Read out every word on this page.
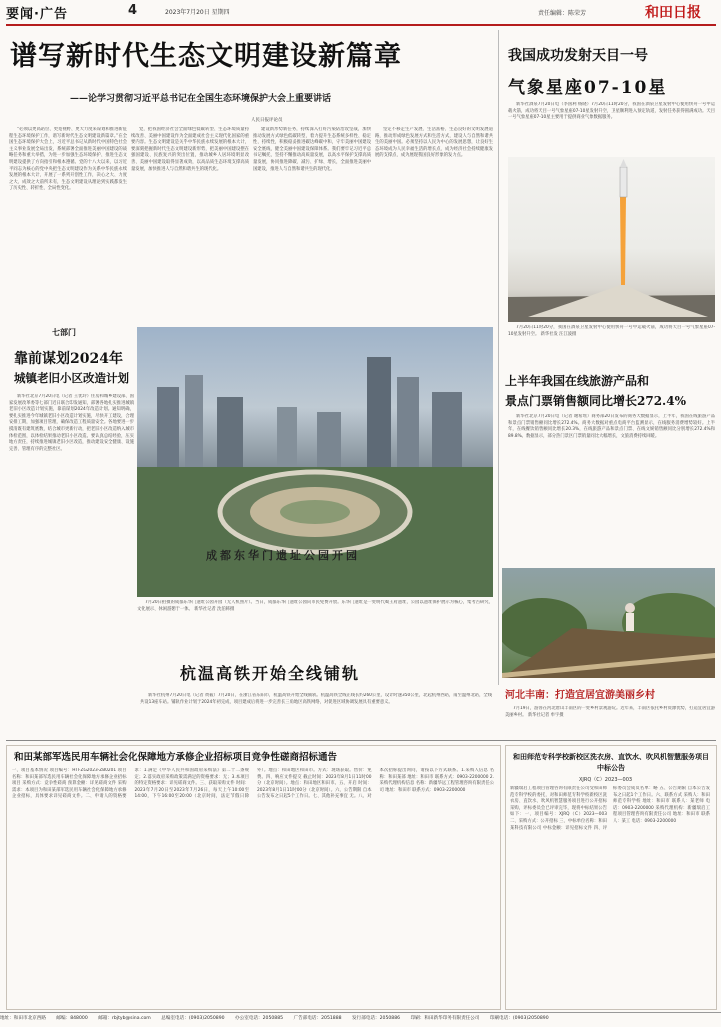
要闻·广告	4	2023年7月20日 星期四	责任编辑：陈荣芳	和田日报
谱写新时代生态文明建设新篇章
——论学习贯彻习近平总书记在全国生态环境保护大会上重要讲话
人民日报评论员

“必须以更高站位、更宽视野、更大力度来谋划和推进新征程生态环境保护工作，谱写新时代生态文明建设新篇章。”在全国生态环境保护大会上，习近平总书记从新时代中国特色社会主义事业发展全局出发，系统部署全面推进美丽中国建设的战略任务和重大举措，为进一步加强生态环境保护、推进生态文明建设提供了方向指引和根本遵循。党的十八大以来，以习近平同志为核心的党中央把生态文明建设作为关系中华民族永续发展的根本大计，开展了一系列开创性工作，决心之大、力度之大、成效之大前所未有，生态文明建设从理论到实践都发生了历史性、转折性、全局性变化。

党，把我国经济社会全面绿色低碳转型、生态环境质量持续改善、美丽中国建设作为全面建成社会主义现代化国家的重要内容。生态文明建设是关乎中华民族永续发展的根本大计，要深刻把握新时代生态文明建设新形势，把美丽中国建设摆在强国建设、民族复兴的突出位置，推动城乡人居环境明显改善、美丽中国建设取得显著成效，以高品质生态环境支撑高质量发展，加快推进人与自然和谐共生的现代化。

建设新形势新任务，持续深入打好污染防治攻坚战，加快推动发展方式绿色低碳转型，着力提升生态系统多样性、稳定性、持续性，积极稳妥推进碳达峰碳中和，守牢美丽中国建设安全底线，健全美丽中国建设保障体系。我们要牢记习近平总书记嘱托，坚持不懈推动高质量发展，以高水平保护支撑高质量发展，协同推进降碳、减污、扩绿、增长，全面推进美丽中国建设，推进人与自然和谐共生的现代化。

坚定不移走生产发展、生活富裕、生态良好的文明发展道路，推动形成绿色发展方式和生活方式，建设人与自然和谐共生的美丽中国。必须坚持以人民为中心的发展思想，让良好生态环境成为人民幸福生活的增长点、成为经济社会持续健康发展的支撑点、成为展现我国良好形象的发力点。

我国成功发射天目一号
气象星座07-10星

新华社酒泉7月20日电（李国利 杨晓）7月20日11时20分，我国在酒泉卫星发射中心使用快舟一号甲运载火箭，成功将天目一号气象星座07-10星发射升空，卫星顺利进入预定轨道，发射任务获得圆满成功。天目一号气象星座07-10星主要用于提供商业气象数据服务。

7月20日11时20分，我国在酒泉卫星发射中心使用快舟一号甲运载火箭，成功将天目一号气象星座07-10星发射升空。 新华社发 汪江波摄

上半年我国在线旅游产品和
景点门票销售额同比增长272.4%

新华社北京7月20日电（记者 谢希瑶）商务部20日发布的商务大数据显示，上半年，我国在线旅游产品和景点门票销售额同比增长272.4%。商务大数据对重点电商平台监测显示，在线服务消费增势较好。上半年，在线餐饮销售额同比增长20.3%，在线旅游产品和景点门票、在线文娱销售额同比分别增长272.4%和89.8%。数据显示，部分热门景区门票销量同比大幅增长，文旅消费持续回暖。

七部门
靠前谋划2024年
城镇老旧小区改造计划

新华社北京7月20日电（记者 王优玲）住房和城乡建设部、国家发展改革委等七部门近日联合印发通知，部署各地扎实推进城镇老旧小区改造计划实施，靠前谋划2024年改造计划。通知明确，要扎实推进今年城镇老旧小区改造计划实施，尽快开工建设，合理安排工期，加强项目管理，确保改造工程质量安全。各地要进一步摸清既有建筑底数，结合城市更新行动，把老旧小区改造纳入城市体检范围，以体检结果推动老旧小区改造。要认真总结经验，压实地方责任，持续推进城镇老旧小区改造，推动建设安全健康、设施完善、管理有序的完整社区。

成都东华门遗址公园开园

7月20日拍摄的成都东华门遗址公园开园（无人机照片）。当日，成都东华门遗址公园向市民免费开放。东华门遗址是一处明代蜀王府遗址，公园以遗址保护展示为核心，集考古研究、文化展示、休闲游憩于一体。 新华社记者 沈伯韩摄

杭温高铁开始全线铺轨

新华社杭州7月20日电（记者 黄筱）7月20日，在浙江省东阳市，杭温高铁开始全线铺轨。杭温高铁全线正线长约260公里，设计时速350公里，北起杭州西站，南至温州北站，全线共设13座车站。铺轨作业计划于2024年初完成，项目建成后将进一步完善长三角地区高铁网络，对促进区域协调发展具有重要意义。

河北丰南：打造宜居宜游美丽乡村

7月19日，游客在河北唐山丰南区的一处乡村景观游玩。近年来，丰南区依托乡村资源优势，打造宜居宜游美丽乡村。 新华社记者 牟宇摄

和田某部军选民用车辆社会化保障地方承修企业招标项目竞争性磋商招标通告
一、项目基本情况 项目编号：HTFZG2023-ZB0201 项目名称：和田某部军选民用车辆社会化保障地方承修企业招标项目 采购方式：竞争性磋商 预算金额：详见磋商文件 采购需求：本项目为和田某部军选民用车辆社会化保障地方承修企业招标，具体要求详见磋商文件。二、申请人的资格要求：1.满足《中华人民共和国政府采购法》第二十二条规定；2.落实政府采购政策需满足的资格要求：无；3.本项目的特定资格要求：详见磋商文件。三、获取采购文件 时间：2023年7月20日至2023年7月26日，每天上午10:00至14:00，下午16:00至20:00（北京时间，法定节假日除外）。地点：和田地区和田市。方式：现场获取。售价：免费。四、响应文件提交 截止时间：2023年8月1日11时00分（北京时间）。地点：和田地区和田市。五、开启 时间：2023年8月1日11时00分（北京时间）。六、公告期限 自本公告发布之日起5个工作日。七、其他补充事宜 无。八、对本次招标提出询问，请按以下方式联系。1.采购人信息 名称：和田某部 地址：和田市 联系方式：0903-2200000 2.采购代理机构信息 名称：新疆华远工程管理咨询有限责任公司 地址：和田市 联系方式：0903-2200000
和田师范专科学校新校区洗衣房、直饮水、吹风机智慧服务项目中标公告
XJRQ（C）2023—003
新疆瑞启工程项目管理咨询有限责任公司受和田师范专科学校的委托，对和田师范专科学校新校区洗衣房、直饮水、吹风机智慧服务项目进行公开招标采购，评标委员会已评审完毕，现将中标结果公告如下：一、项目编号：XJRQ（C）2023—003 二、采购方式：公开招标 三、中标单位名称：和田某科技有限公司 中标金额：详见招标文件 四、评标委员会成员名单：略 五、公告期限 自本公告发布之日起1个工作日。六、联系方式 采购人：和田师范专科学校 地址：和田市 联系人：某老师 电话：0903-2200000 采购代理机构：新疆瑞启工程项目管理咨询有限责任公司 地址：和田市 联系人：某工 电话：0903-2200000
地址：和田市北京西路 邮编：848000 邮箱：rbjtyb@sina.com 总编室电话：(0903)2050890 办公室电话：2050885 广告部电话：2051888 发行部电话：2050886 印刷：和田新华印务有限责任公司 印刷电话：(0903)2050890
